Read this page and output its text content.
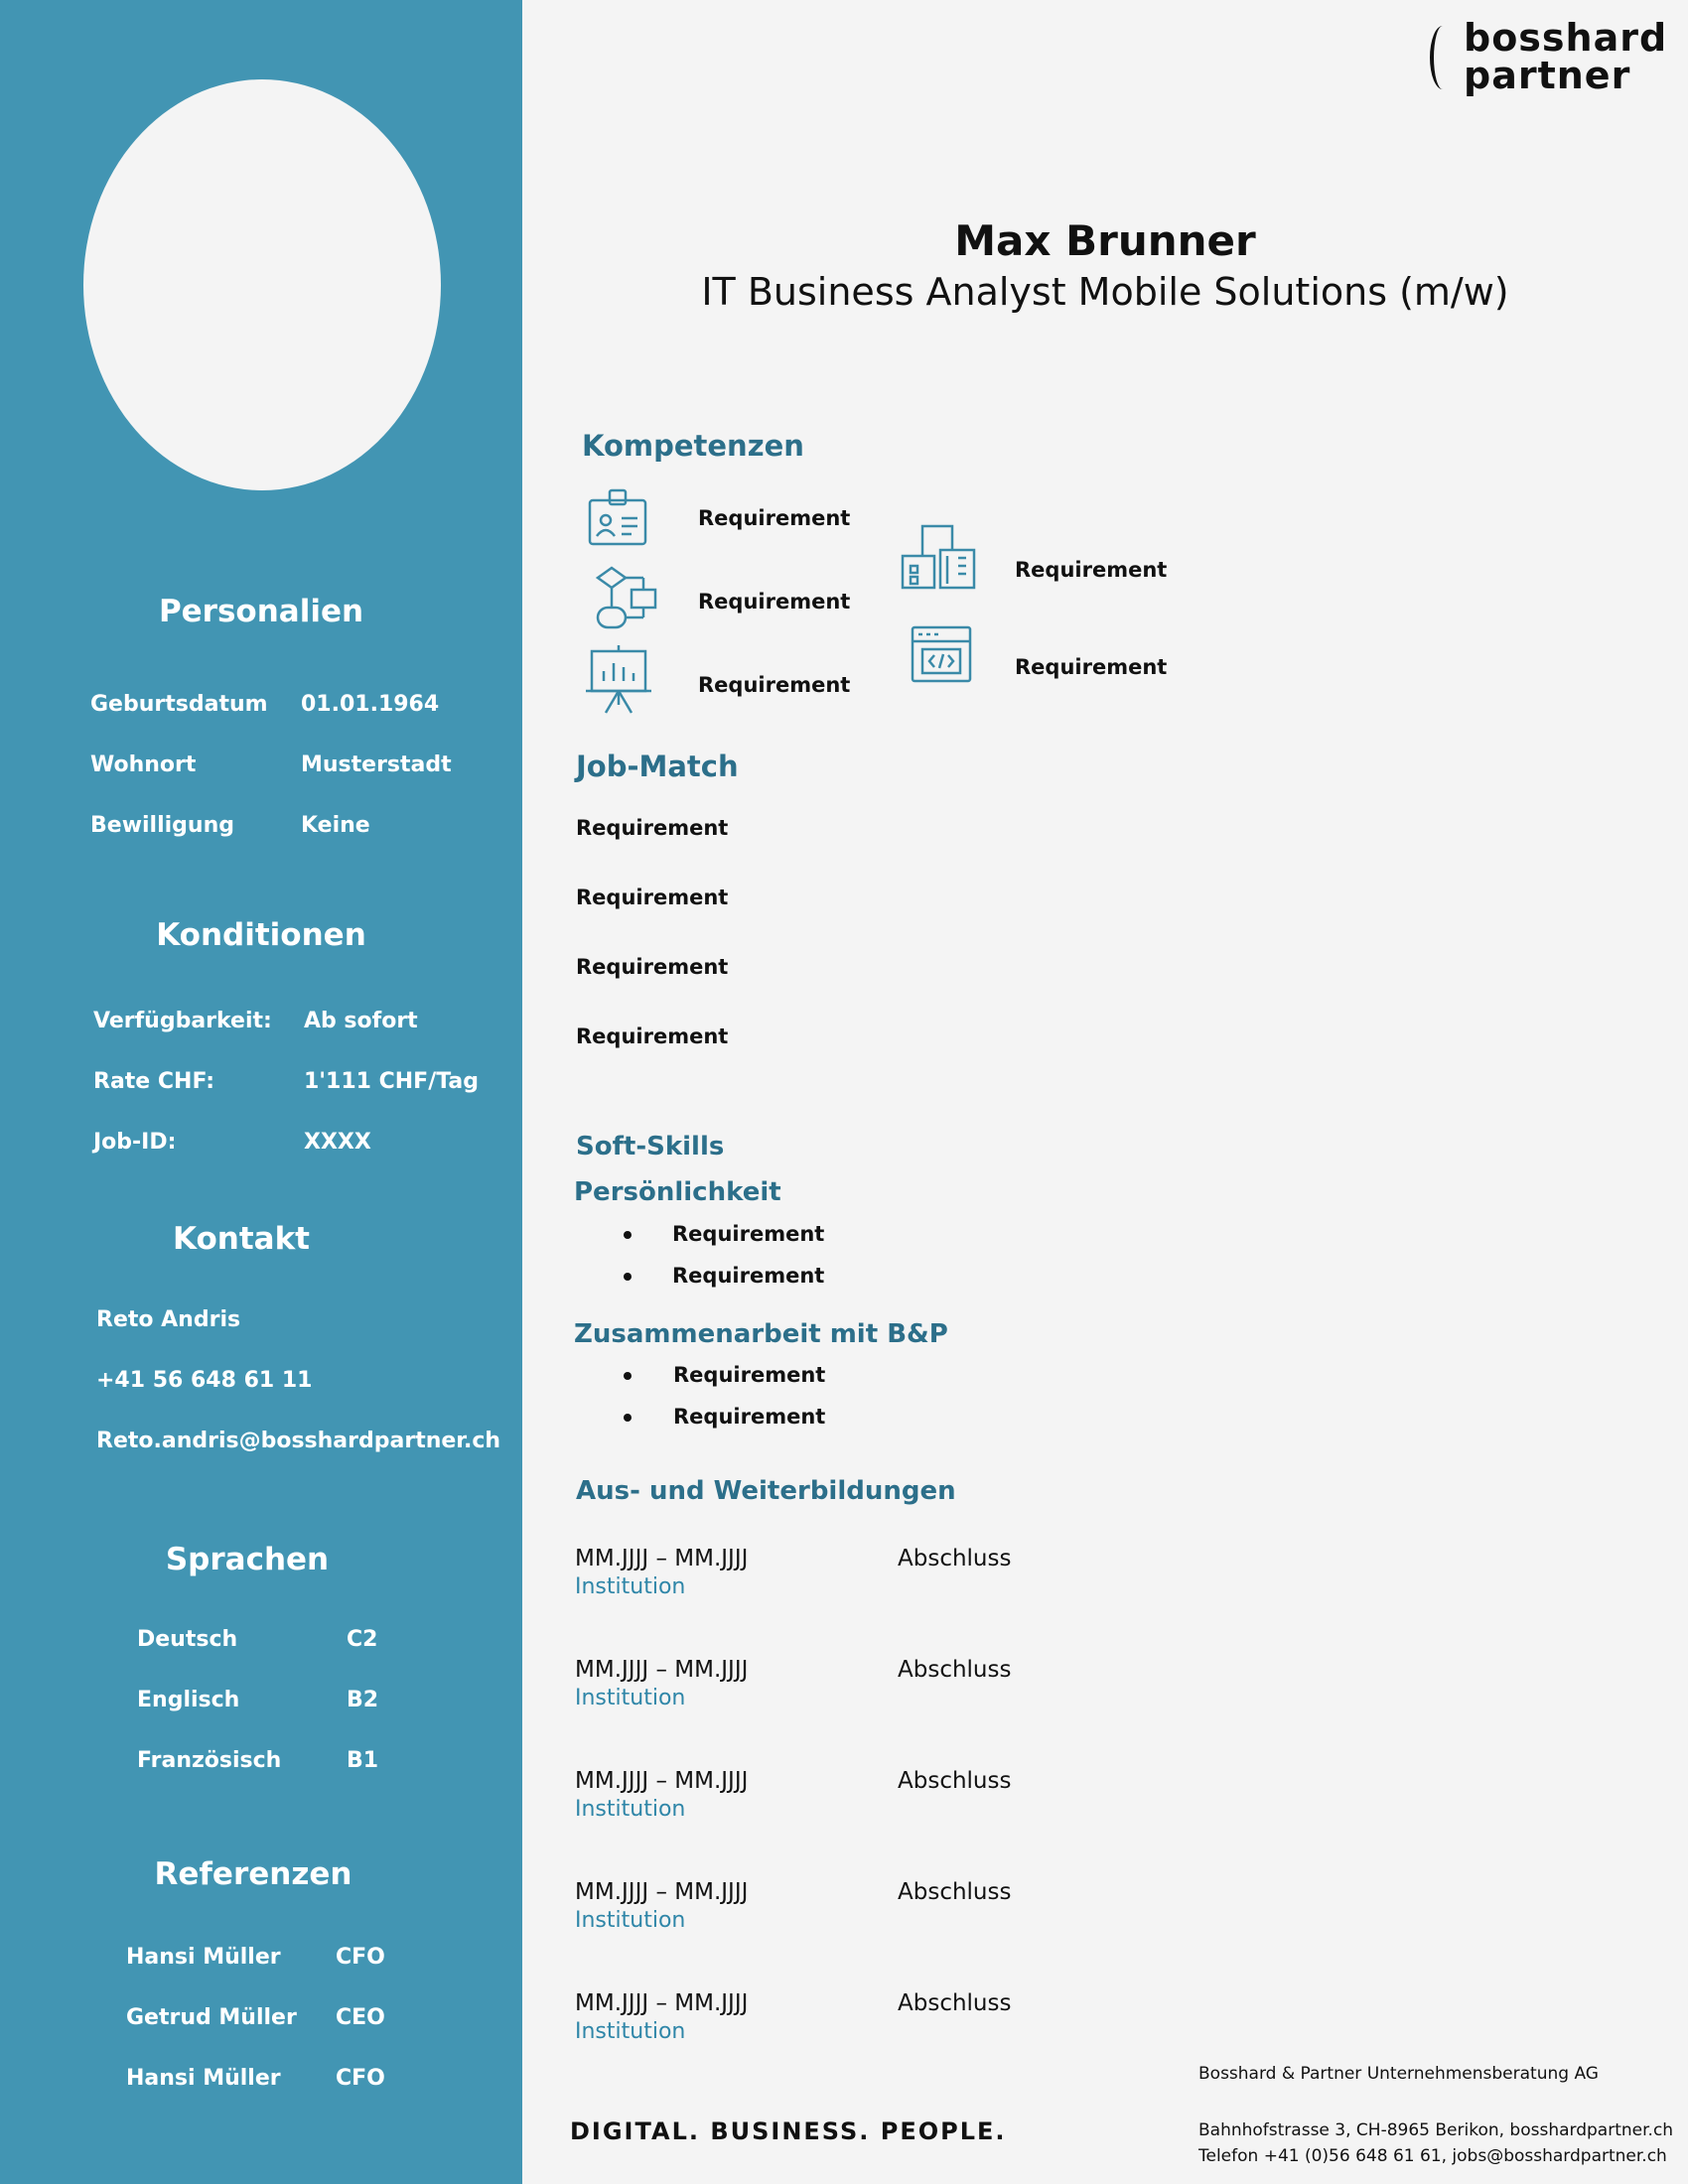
Personalien
Geburtsdatum 01.01.1964
Wohnort	Musterstadt
Bewilligung	Keine
Konditionen
Verfügbarkeit: Ab sofort
Rate CHF:	1'111 CHF/Tag
Job-ID:	XXXX
Kontakt
Reto Andris
+41 56 648 61 11
Reto.andris@bosshardpartner.ch
Sprachen
Deutsch	C2
Englisch	B2
Französisch	B1
Referenzen
Hansi Müller	CFO
Getrud Müller CEO
Hansi Müller	CFO
bosshard
partner
Max Brunner
IT Business Analyst Mobile Solutions (m/w)
Kompetenzen
Requirement
Requirement
Requirement
Requirement
Requirement
Job-Match
Requirement
Requirement
Requirement
Requirement
Soft-Skills
Persönlichkeit
Requirement
Requirement
Zusammenarbeit mit B&P
Requirement
Requirement
Aus- und Weiterbildungen
MM.JJJJ – MM.JJJJ	Abschluss
Institution
MM.JJJJ – MM.JJJJ	Abschluss
Institution
MM.JJJJ – MM.JJJJ	Abschluss
Institution
MM.JJJJ – MM.JJJJ	Abschluss
Institution
MM.JJJJ – MM.JJJJ	Abschluss
Institution
DIGITAL. BUSINESS. PEOPLE.
Bosshard & Partner Unternehmensberatung AG
Bahnhofstrasse 3, CH-8965 Berikon, bosshardpartner.ch
Telefon +41 (0)56 648 61 61, jobs@bosshardpartner.ch
